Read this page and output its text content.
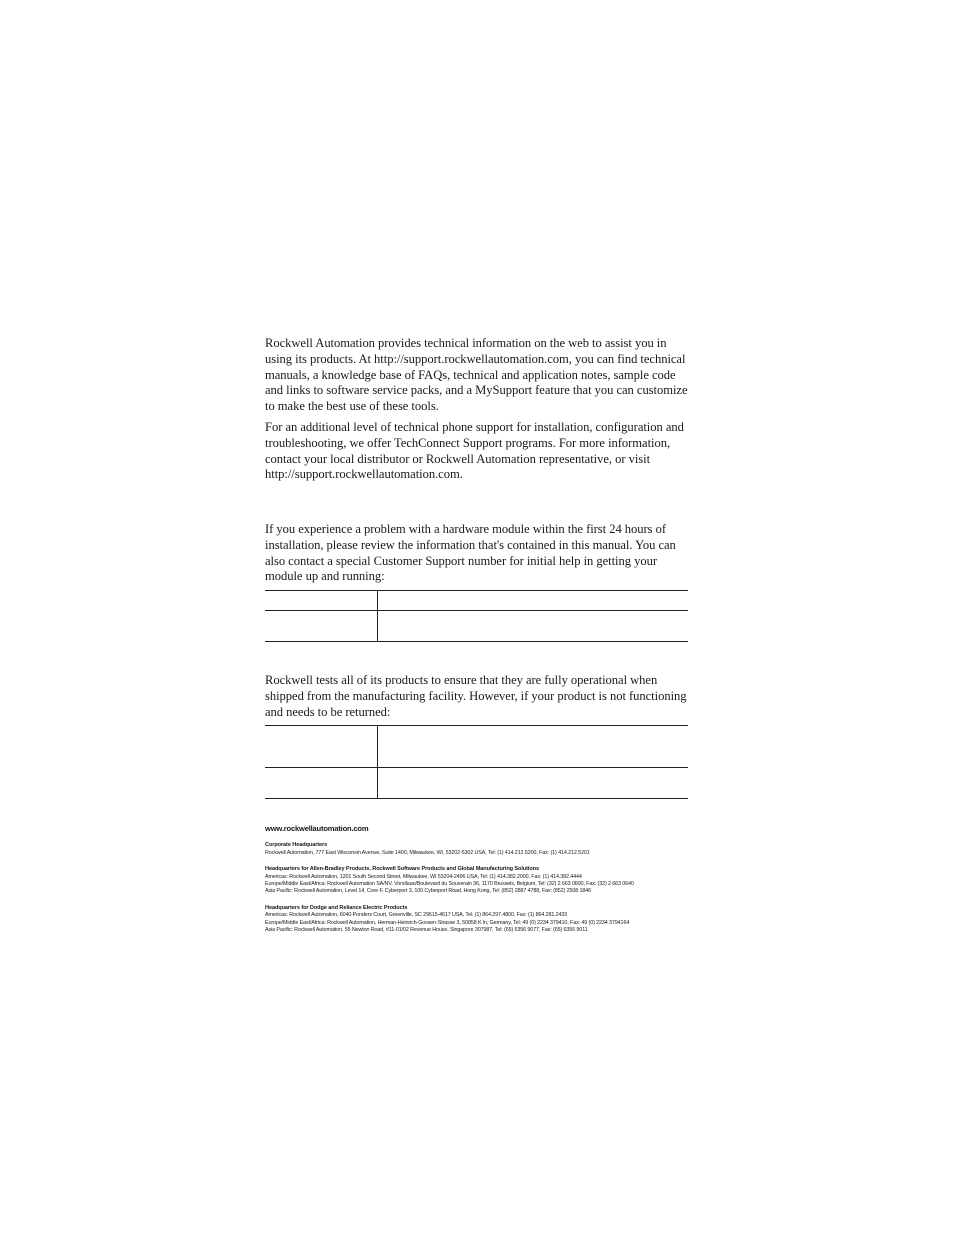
Rockwell Automation provides technical information on the web to assist you in using its products. At http://support.rockwellautomation.com, you can find technical manuals, a knowledge base of FAQs, technical and application notes, sample code and links to software service packs, and a MySupport feature that you can customize to make the best use of these tools.

For an additional level of technical phone support for installation, configuration and troubleshooting, we offer TechConnect Support programs. For more information, contact your local distributor or Rockwell Automation representative, or visit http://support.rockwellautomation.com.

If you experience a problem with a hardware module within the first 24 hours of installation, please review the information that's contained in this manual. You can also contact a special Customer Support number for initial help in getting your module up and running:

Rockwell tests all of its products to ensure that they are fully operational when shipped from the manufacturing facility. However, if your product is not functioning and needs to be returned:

www.rockwellautomation.com

Corporate Headquarters

Rockwell Automation, 777 East Wisconsin Avenue, Suite 1400, Milwaukee, WI, 53202-5302 USA, Tel: (1) 414.212.5200, Fax: (1) 414.212.5201

Headquarters for Allen-Bradley Products, Rockwell Software Products and Global Manufacturing Solutions

Americas: Rockwell Automation, 1201 South Second Street, Milwaukee, WI 53204-2496 USA, Tel: (1) 414.382.2000, Fax: (1) 414.382.4444

Europe/Middle East/Africa: Rockwell Automation SA/NV, Vorstlaan/Boulevard du Souverain 36, 1170 Brussels, Belgium, Tel: (32) 2 663 0600, Fax: (32) 2 663 0640

Asia Pacific: Rockwell Automation, Level 14, Core F, Cyberport 3, 100 Cyberport Road, Hong Kong, Tel: (852) 2887 4788, Fax: (852) 2508 1846

Headquarters for Dodge and Reliance Electric Products

Americas: Rockwell Automation, 6040 Ponders Court, Greenville, SC 29615-4617 USA, Tel: (1) 864.297.4800, Fax: (1) 864.281.2433

Europe/Middle East/Africa: Rockwell Automation, Herman-Heinrich-Gossen-Strasse 3, 50858 K ln, Germany, Tel: 49 (0) 2234 379410, Fax: 49 (0) 2234 3794164

Asia Pacific: Rockwell Automation, 55 Newton Road, #11-01/02 Revenue House, Singapore 307987, Tel: (65) 6356 9077, Fax: (65) 6356 9011
